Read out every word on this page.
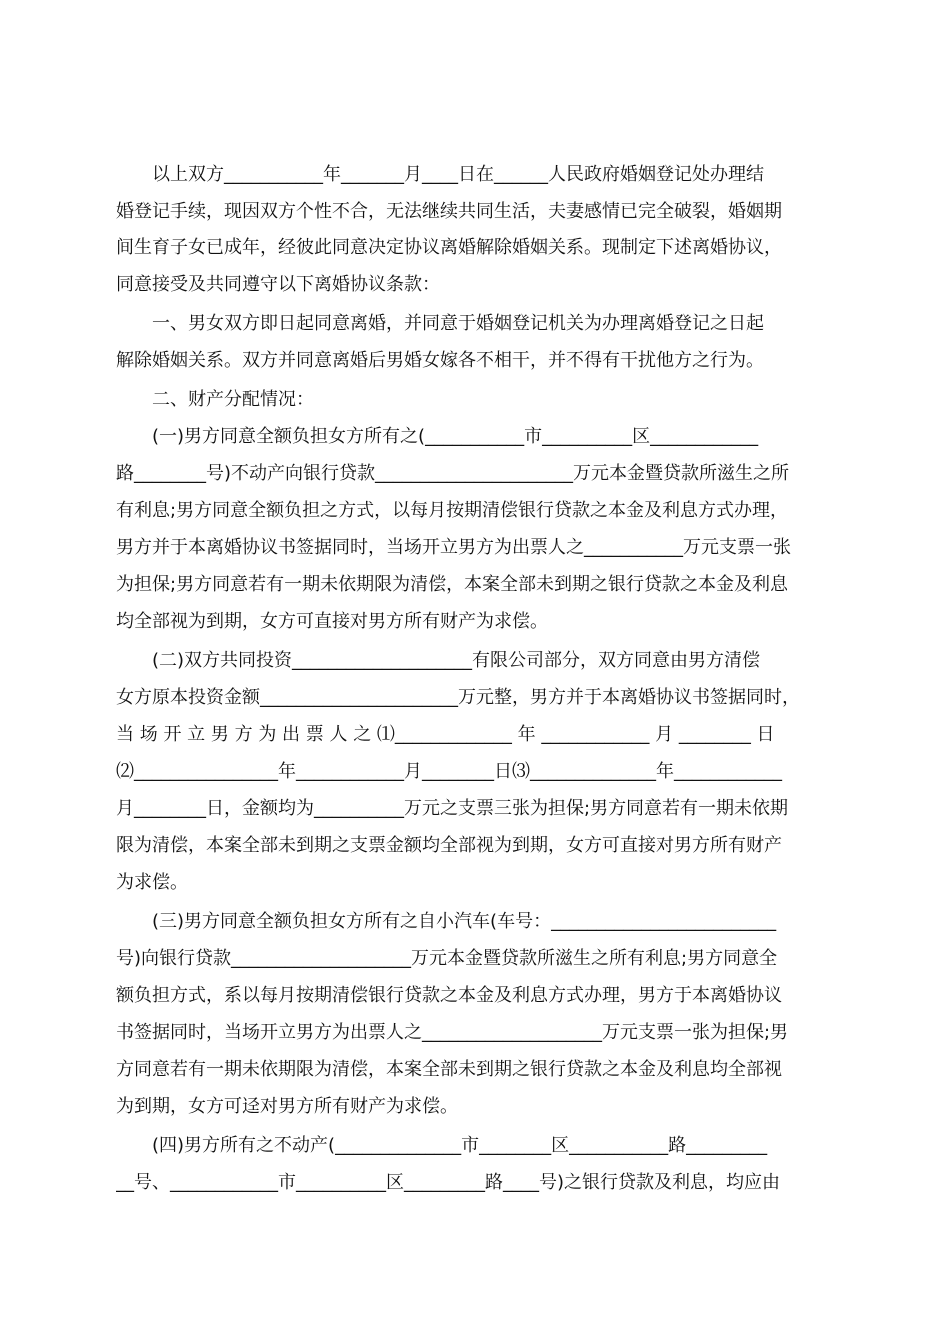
以上双方___________年_______月____日在______人民政府婚姻登记处办理结
婚登记手续，现因双方个性不合，无法继续共同生活，夫妻感情已完全破裂，婚姻期
间生育子女已成年，经彼此同意决定协议离婚解除婚姻关系。现制定下述离婚协议，
同意接受及共同遵守以下离婚协议条款：
一、男女双方即日起同意离婚，并同意于婚姻登记机关为办理离婚登记之日起
解除婚姻关系。双方并同意离婚后男婚女嫁各不相干，并不得有干扰他方之行为。
二、财产分配情况：
(一)男方同意全额负担女方所有之(___________市__________区____________
路________号)不动产向银行贷款______________________万元本金暨贷款所滋生之所
有利息;男方同意全额负担之方式，以每月按期清偿银行贷款之本金及利息方式办理，
男方并于本离婚协议书签据同时，当场开立男方为出票人之___________万元支票一张
为担保;男方同意若有一期未依期限为清偿，本案全部未到期之银行贷款之本金及利息
均全部视为到期，女方可直接对男方所有财产为求偿。
(二)双方共同投资____________________有限公司部分，双方同意由男方清偿
女方原本投资金额______________________万元整，男方并于本离婚协议书签据同时，
当 场 开 立 男 方 为 出 票 人 之 ⑴_____________ 年 ____________ 月 ________ 日
⑵________________年____________月________日⑶______________年____________
月________日，金额均为__________万元之支票三张为担保;男方同意若有一期未依期
限为清偿，本案全部未到期之支票金额均全部视为到期，女方可直接对男方所有财产
为求偿。
(三)男方同意全额负担女方所有之自小汽车(车号：_________________________
号)向银行贷款____________________万元本金暨贷款所滋生之所有利息;男方同意全
额负担方式，系以每月按期清偿银行贷款之本金及利息方式办理，男方于本离婚协议
书签据同时，当场开立男方为出票人之____________________万元支票一张为担保;男
方同意若有一期未依期限为清偿，本案全部未到期之银行贷款之本金及利息均全部视
为到期，女方可迳对男方所有财产为求偿。
(四)男方所有之不动产(______________市________区___________路_________
__号、____________市__________区_________路____号)之银行贷款及利息，均应由
